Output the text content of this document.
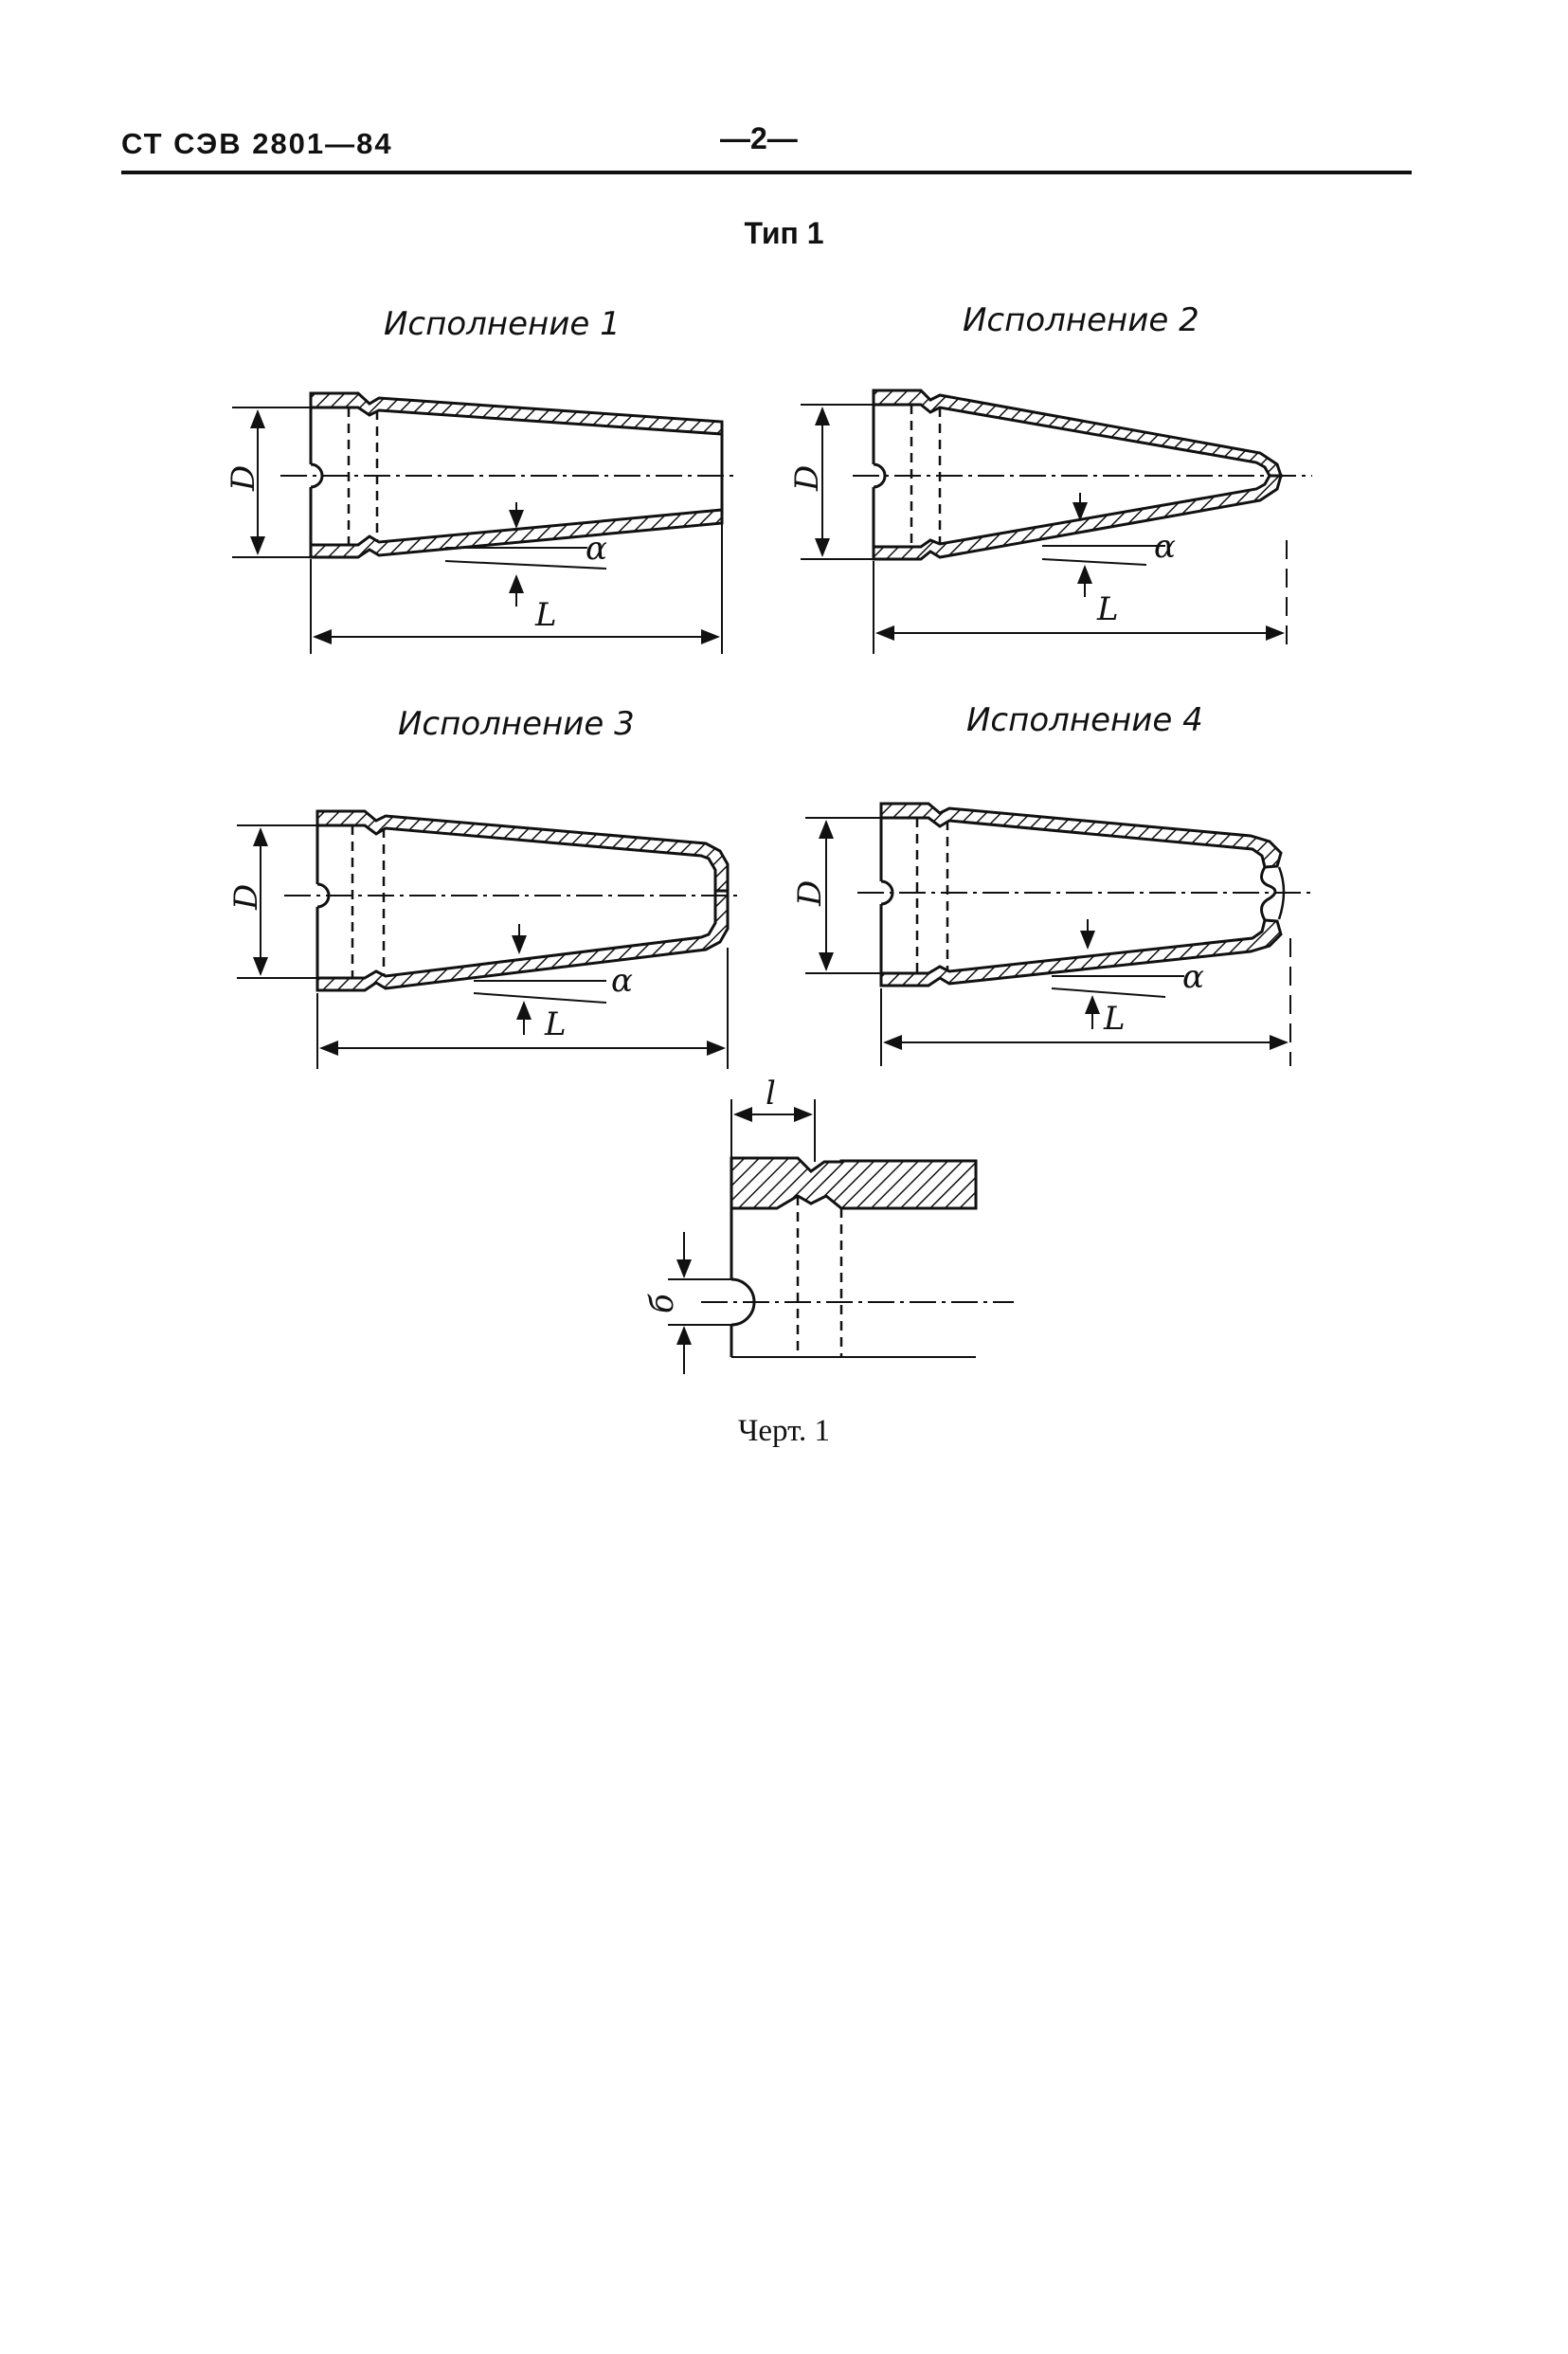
СТ СЭВ 2801—84	—2—
Тип 1
Исполнение 1	Исполнение 2
Исполнение 3	Исполнение 4
D
L
α
D
L
α
D
L
α
D
L
α
l
б
Черт. 1
